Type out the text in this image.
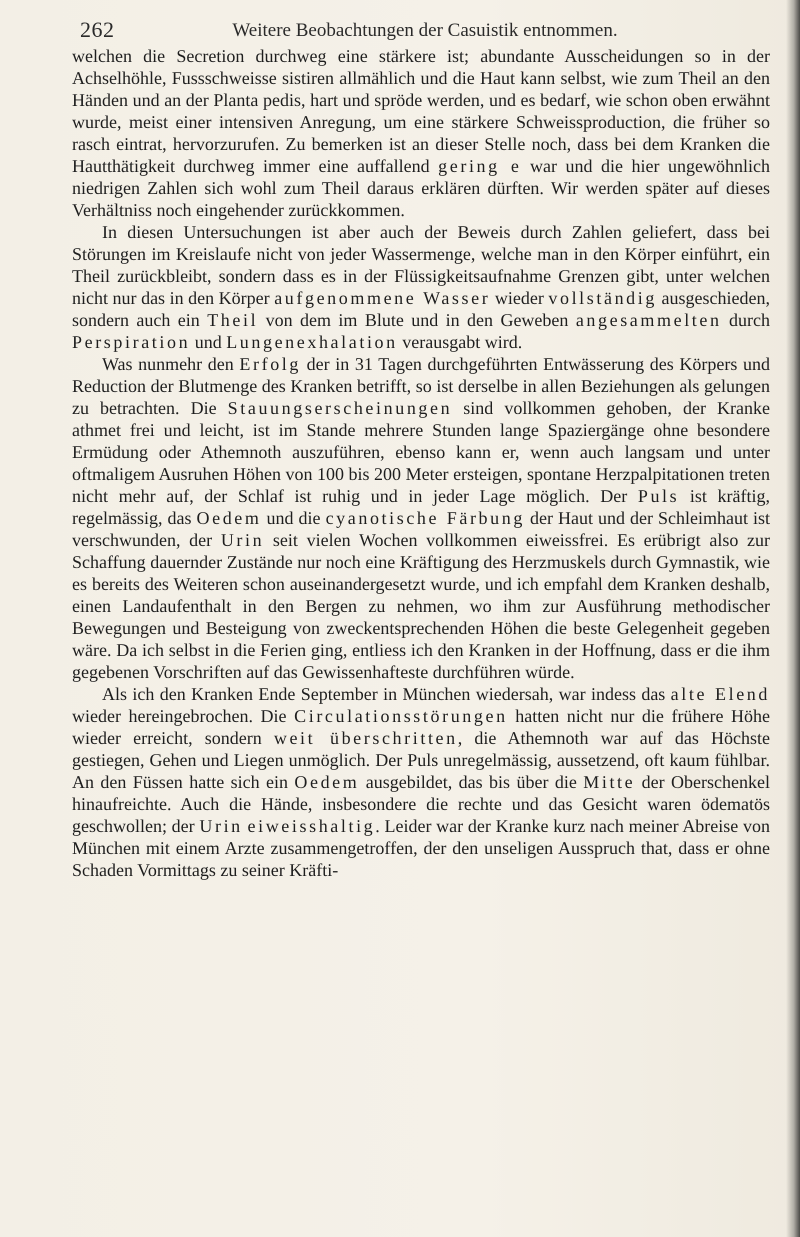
262	Weitere Beobachtungen der Casuistik entnommen.

welchen die Secretion durchweg eine stärkere ist; abundante Ausscheidungen so in der Achselhöhle, Fussschweisse sistiren allmählich und die Haut kann selbst, wie zum Theil an den Händen und an der Planta pedis, hart und spröde werden, und es bedarf, wie schon oben erwähnt wurde, meist einer intensiven Anregung, um eine stärkere Schweissproduction, die früher so rasch eintrat, hervorzurufen. Zu bemerken ist an dieser Stelle noch, dass bei dem Kranken die Hautthätigkeit durchweg immer eine auffallend gering e war und die hier ungewöhnlich niedrigen Zahlen sich wohl zum Theil daraus erklären dürften. Wir werden später auf dieses Verhältniss noch eingehender zurückkommen.

In diesen Untersuchungen ist aber auch der Beweis durch Zahlen geliefert, dass bei Störungen im Kreislaufe nicht von jeder Wassermenge, welche man in den Körper einführt, ein Theil zurückbleibt, sondern dass es in der Flüssigkeitsaufnahme Grenzen gibt, unter welchen nicht nur das in den Körper aufgenommene Wasser wieder vollständig ausgeschieden, sondern auch ein Theil von dem im Blute und in den Geweben angesammelten durch Perspiration und Lungenexhalation verausgabt wird.

Was nunmehr den Erfolg der in 31 Tagen durchgeführten Entwässerung des Körpers und Reduction der Blutmenge des Kranken betrifft, so ist derselbe in allen Beziehungen als gelungen zu betrachten. Die Stauungserscheinungen sind vollkommen gehoben, der Kranke athmet frei und leicht, ist im Stande mehrere Stunden lange Spaziergänge ohne besondere Ermüdung oder Athemnoth auszuführen, ebenso kann er, wenn auch langsam und unter oftmaligem Ausruhen Höhen von 100 bis 200 Meter ersteigen, spontane Herzpalpitationen treten nicht mehr auf, der Schlaf ist ruhig und in jeder Lage möglich. Der Puls ist kräftig, regelmässig, das Oedem und die cyanotische Färbung der Haut und der Schleimhaut ist verschwunden, der Urin seit vielen Wochen vollkommen eiweissfrei. Es erübrigt also zur Schaffung dauernder Zustände nur noch eine Kräftigung des Herzmuskels durch Gymnastik, wie es bereits des Weiteren schon auseinandergesetzt wurde, und ich empfahl dem Kranken deshalb, einen Landaufenthalt in den Bergen zu nehmen, wo ihm zur Ausführung methodischer Bewegungen und Besteigung von zweckentsprechenden Höhen die beste Gelegenheit gegeben wäre. Da ich selbst in die Ferien ging, entliess ich den Kranken in der Hoffnung, dass er die ihm gegebenen Vorschriften auf das Gewissenhafteste durchführen würde.

Als ich den Kranken Ende September in München wiedersah, war indess das alte Elend wieder hereingebrochen. Die Circulationsstörungen hatten nicht nur die frühere Höhe wieder erreicht, sondern weit überschritten, die Athemnoth war auf das Höchste gestiegen, Gehen und Liegen unmöglich. Der Puls unregelmässig, aussetzend, oft kaum fühlbar. An den Füssen hatte sich ein Oedem ausgebildet, das bis über die Mitte der Oberschenkel hinaufreichte. Auch die Hände, insbesondere die rechte und das Gesicht waren ödematös geschwollen; der Urin eiweisshaltig. Leider war der Kranke kurz nach meiner Abreise von München mit einem Arzte zusammengetroffen, der den unseligen Ausspruch that, dass er ohne Schaden Vormittags zu seiner Kräfti-
